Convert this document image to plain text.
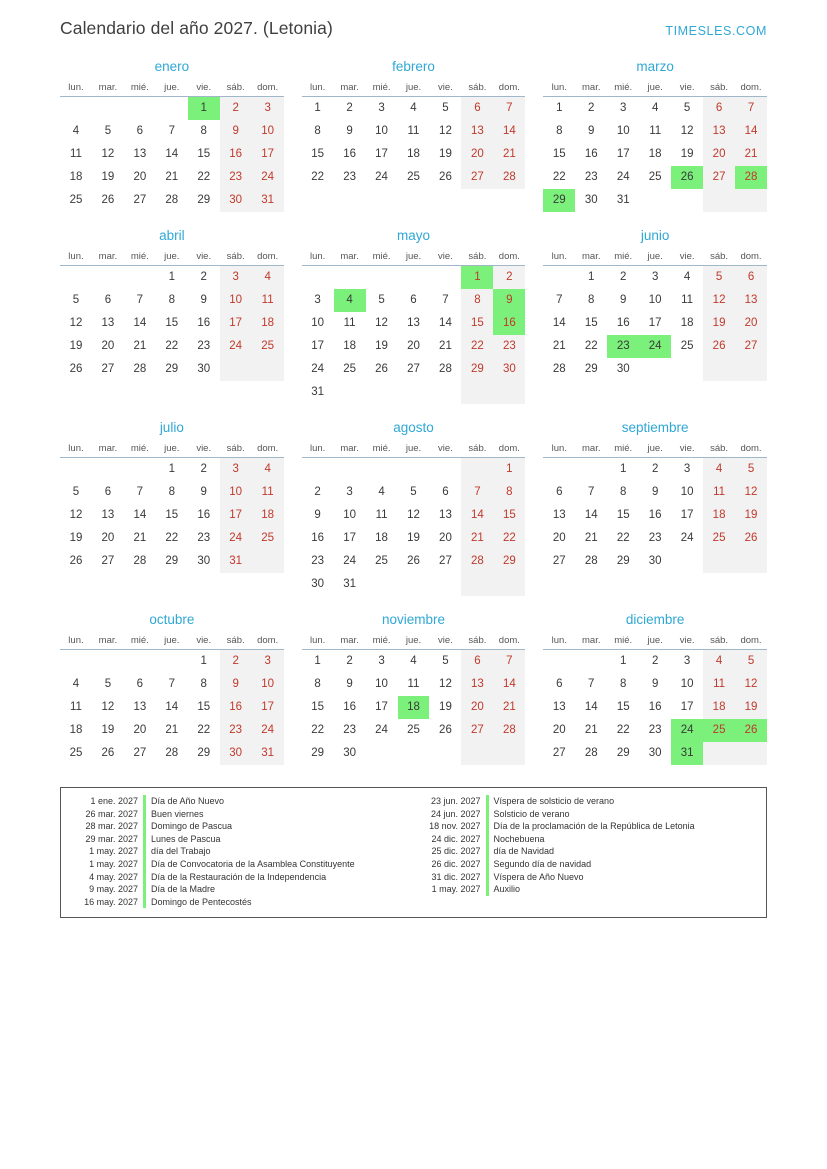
Calendario del año 2027. (Letonia)	TIMESLES.COM
enero
lun.	mar.	mié.	jue.	vie.	sáb.	dom.

				1	2	3

4	5	6	7	8	9	10

11	12	13	14	15	16	17

18	19	20	21	22	23	24

25	26	27	28	29	30	31
febrero
lun.	mar.	mié.	jue.	vie.	sáb.	dom.

1	2	3	4	5	6	7

8	9	10	11	12	13	14

15	16	17	18	19	20	21

22	23	24	25	26	27	28
marzo
lun.	mar.	mié.	jue.	vie.	sáb.	dom.

1	2	3	4	5	6	7

8	9	10	11	12	13	14

15	16	17	18	19	20	21

22	23	24	25	26	27	28

29	30	31				

abril
lun.	mar.	mié.	jue.	vie.	sáb.	dom.

			1	2	3	4

5	6	7	8	9	10	11

12	13	14	15	16	17	18

19	20	21	22	23	24	25

26	27	28	29	30		

mayo
lun.	mar.	mié.	jue.	vie.	sáb.	dom.

					1	2

3	4	5	6	7	8	9

10	11	12	13	14	15	16

17	18	19	20	21	22	23

24	25	26	27	28	29	30

31						

junio
lun.	mar.	mié.	jue.	vie.	sáb.	dom.

	1	2	3	4	5	6

7	8	9	10	11	12	13

14	15	16	17	18	19	20

21	22	23	24	25	26	27

28	29	30				

julio
lun.	mar.	mié.	jue.	vie.	sáb.	dom.

			1	2	3	4

5	6	7	8	9	10	11

12	13	14	15	16	17	18

19	20	21	22	23	24	25

26	27	28	29	30	31	

agosto
lun.	mar.	mié.	jue.	vie.	sáb.	dom.

						1

2	3	4	5	6	7	8

9	10	11	12	13	14	15

16	17	18	19	20	21	22

23	24	25	26	27	28	29

30	31					

septiembre
lun.	mar.	mié.	jue.	vie.	sáb.	dom.

		1	2	3	4	5

6	7	8	9	10	11	12

13	14	15	16	17	18	19

20	21	22	23	24	25	26

27	28	29	30			

octubre
lun.	mar.	mié.	jue.	vie.	sáb.	dom.

				1	2	3

4	5	6	7	8	9	10

11	12	13	14	15	16	17

18	19	20	21	22	23	24

25	26	27	28	29	30	31
noviembre
lun.	mar.	mié.	jue.	vie.	sáb.	dom.

1	2	3	4	5	6	7

8	9	10	11	12	13	14

15	16	17	18	19	20	21

22	23	24	25	26	27	28

29	30					

diciembre
lun.	mar.	mié.	jue.	vie.	sáb.	dom.

		1	2	3	4	5

6	7	8	9	10	11	12

13	14	15	16	17	18	19

20	21	22	23	24	25	26

27	28	29	30	31		

1 ene. 2027	Día de Año Nuevo
26 mar. 2027	Buen viernes
28 mar. 2027	Domingo de Pascua
29 mar. 2027	Lunes de Pascua
1 may. 2027	día del Trabajo
1 may. 2027	Día de Convocatoria de la Asamblea Constituyente
4 may. 2027	Día de la Restauración de la Independencia
9 may. 2027	Día de la Madre
16 may. 2027	Domingo de Pentecostés
23 jun. 2027	Víspera de solsticio de verano
24 jun. 2027	Solsticio de verano
18 nov. 2027	Día de la proclamación de la República de Letonia
24 dic. 2027	Nochebuena
25 dic. 2027	día de Navidad
26 dic. 2027	Segundo día de navidad
31 dic. 2027	Víspera de Año Nuevo
1 may. 2027	Auxilio
